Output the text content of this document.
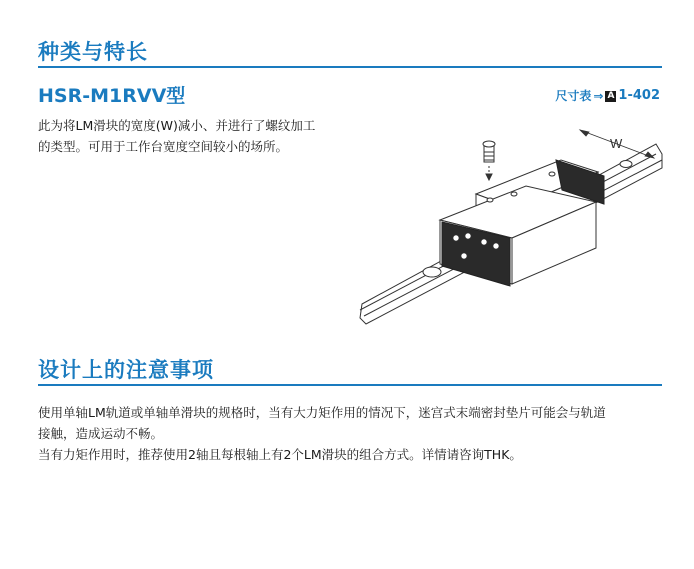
种类与特长
HSR-M1RVV型	尺寸表 ⇒ A 1-402
此为将LM滑块的宽度(W)减小、并进行了螺纹加工
的类型。可用于工作台宽度空间较小的场所。	W
设计上的注意事项

使用单轴LM轨道或单轴单滑块的规格时，当有大力矩作用的情况下，迷宫式末端密封垫片可能会与轨道

接触，造成运动不畅。

当有力矩作用时，推荐使用2轴且每根轴上有2个LM滑块的组合方式。详情请咨询THK。
